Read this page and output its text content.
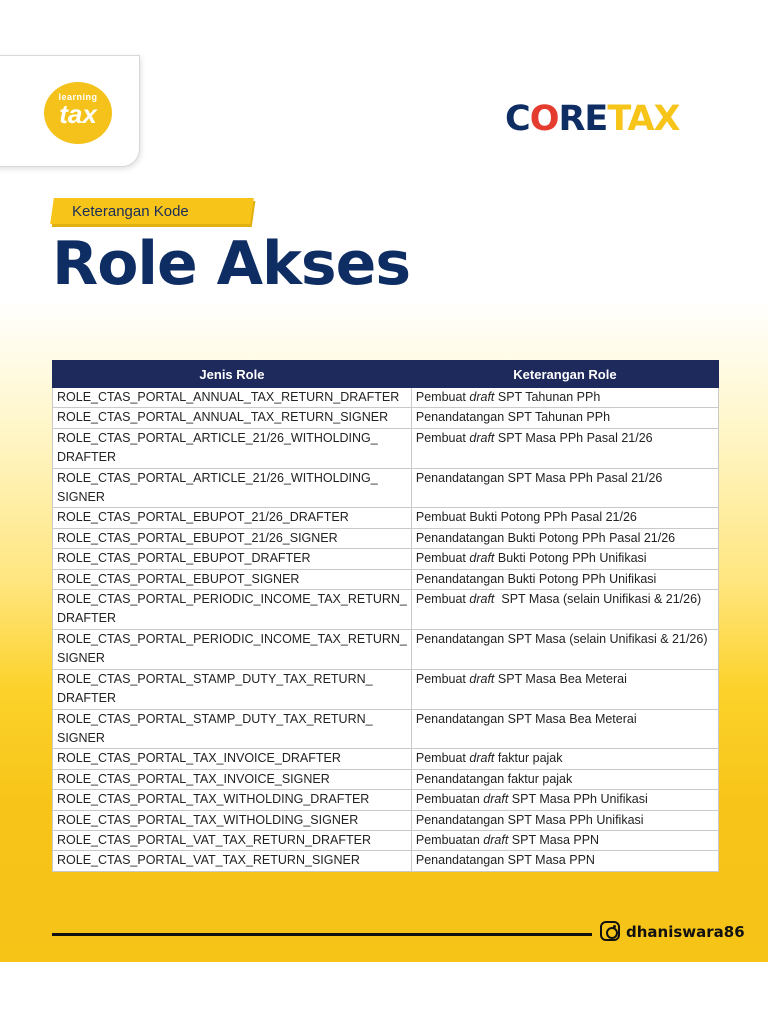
learning
tax	CORETAX
Keterangan Kode
Role Akses
Jenis Role	Keterangan Role
ROLE_CTAS_PORTAL_ANNUAL_TAX_RETURN_DRAFTER	Pembuat draft SPT Tahunan PPh
ROLE_CTAS_PORTAL_ANNUAL_TAX_RETURN_SIGNER	Penandatangan SPT Tahunan PPh
ROLE_CTAS_PORTAL_ARTICLE_21/26_WITHOLDING_
DRAFTER	Pembuat draft SPT Masa PPh Pasal 21/26
ROLE_CTAS_PORTAL_ARTICLE_21/26_WITHOLDING_
SIGNER	Penandatangan SPT Masa PPh Pasal 21/26
ROLE_CTAS_PORTAL_EBUPOT_21/26_DRAFTER	Pembuat Bukti Potong PPh Pasal 21/26
ROLE_CTAS_PORTAL_EBUPOT_21/26_SIGNER	Penandatangan Bukti Potong PPh Pasal 21/26
ROLE_CTAS_PORTAL_EBUPOT_DRAFTER	Pembuat draft Bukti Potong PPh Unifikasi
ROLE_CTAS_PORTAL_EBUPOT_SIGNER	Penandatangan Bukti Potong PPh Unifikasi
ROLE_CTAS_PORTAL_PERIODIC_INCOME_TAX_RETURN_
DRAFTER	Pembuat draft  SPT Masa (selain Unifikasi & 21/26)
ROLE_CTAS_PORTAL_PERIODIC_INCOME_TAX_RETURN_
SIGNER	Penandatangan SPT Masa (selain Unifikasi & 21/26)
ROLE_CTAS_PORTAL_STAMP_DUTY_TAX_RETURN_
DRAFTER	Pembuat draft SPT Masa Bea Meterai
ROLE_CTAS_PORTAL_STAMP_DUTY_TAX_RETURN_
SIGNER	Penandatangan SPT Masa Bea Meterai
ROLE_CTAS_PORTAL_TAX_INVOICE_DRAFTER	Pembuat draft faktur pajak
ROLE_CTAS_PORTAL_TAX_INVOICE_SIGNER	Penandatangan faktur pajak
ROLE_CTAS_PORTAL_TAX_WITHOLDING_DRAFTER	Pembuatan draft SPT Masa PPh Unifikasi
ROLE_CTAS_PORTAL_TAX_WITHOLDING_SIGNER	Penandatangan SPT Masa PPh Unifikasi
ROLE_CTAS_PORTAL_VAT_TAX_RETURN_DRAFTER	Pembuatan draft SPT Masa PPN
ROLE_CTAS_PORTAL_VAT_TAX_RETURN_SIGNER	Penandatangan SPT Masa PPN
dhaniswara86
